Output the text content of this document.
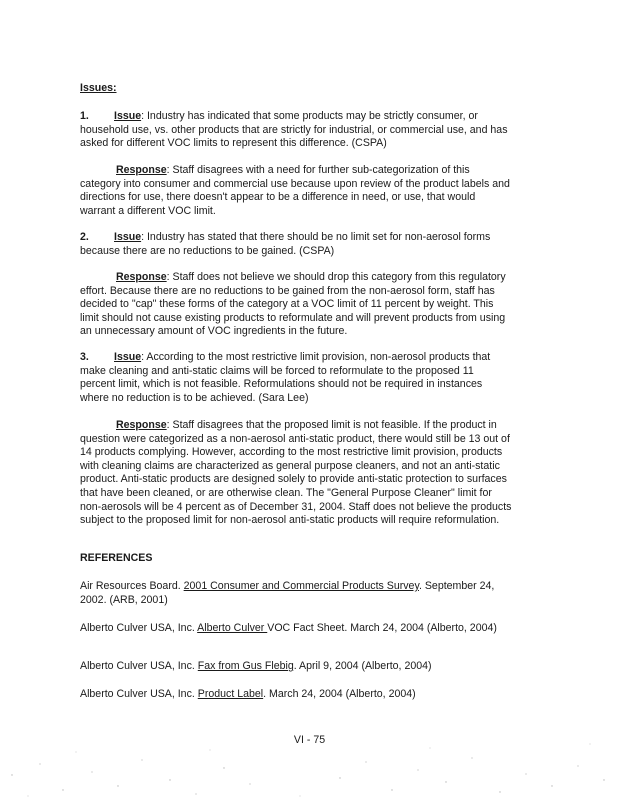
Issues:

1. Issue: Industry has indicated that some products may be strictly consumer, or household use, vs. other products that are strictly for industrial, or commercial use, and has asked for different VOC limits to represent this difference. (CSPA)

Response: Staff disagrees with a need for further sub-categorization of this category into consumer and commercial use because upon review of the product labels and directions for use, there doesn't appear to be a difference in need, or use, that would warrant a different VOC limit.

2. Issue: Industry has stated that there should be no limit set for non-aerosol forms because there are no reductions to be gained. (CSPA)

Response: Staff does not believe we should drop this category from this regulatory effort. Because there are no reductions to be gained from the non-aerosol form, staff has decided to "cap" these forms of the category at a VOC limit of 11 percent by weight. This limit should not cause existing products to reformulate and will prevent products from using an unnecessary amount of VOC ingredients in the future.

3. Issue: According to the most restrictive limit provision, non-aerosol products that make cleaning and anti-static claims will be forced to reformulate to the proposed 11 percent limit, which is not feasible. Reformulations should not be required in instances where no reduction is to be achieved. (Sara Lee)

Response: Staff disagrees that the proposed limit is not feasible. If the product in question were categorized as a non-aerosol anti-static product, there would still be 13 out of 14 products complying. However, according to the most restrictive limit provision, products with cleaning claims are characterized as general purpose cleaners, and not an anti-static product. Anti-static products are designed solely to provide anti-static protection to surfaces that have been cleaned, or are otherwise clean. The "General Purpose Cleaner" limit for non-aerosols will be 4 percent as of December 31, 2004. Staff does not believe the products subject to the proposed limit for non-aerosol anti-static products will require reformulation.

REFERENCES

Air Resources Board. 2001 Consumer and Commercial Products Survey. September 24, 2002. (ARB, 2001)

Alberto Culver USA, Inc. Alberto Culver VOC Fact Sheet. March 24, 2004 (Alberto, 2004)

Alberto Culver USA, Inc. Fax from Gus Flebig. April 9, 2004 (Alberto, 2004)

Alberto Culver USA, Inc. Product Label. March 24, 2004 (Alberto, 2004)

VI - 75
